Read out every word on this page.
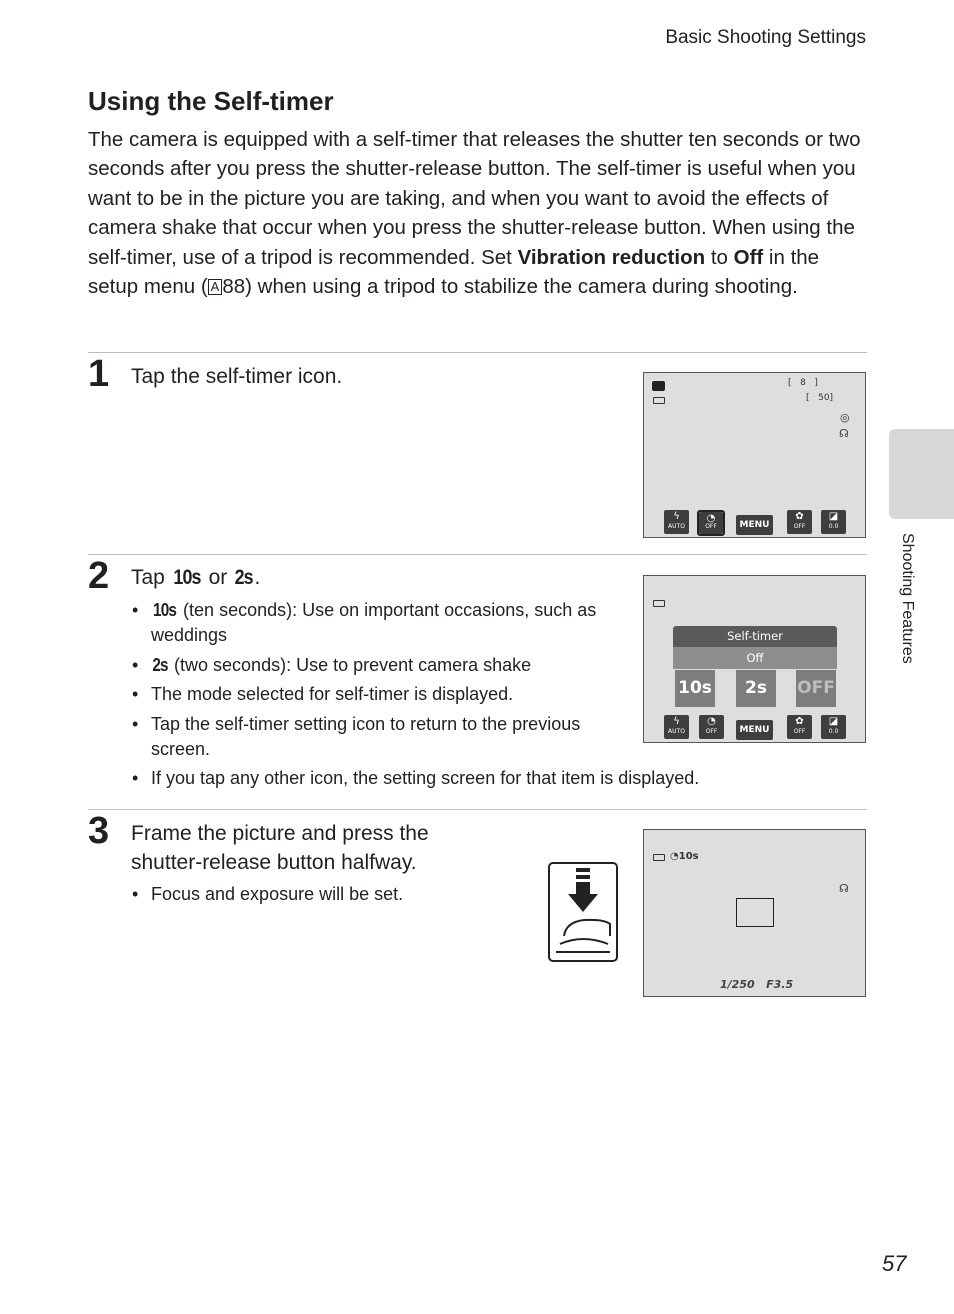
Basic Shooting Settings
Using the Self-timer
The camera is equipped with a self-timer that releases the shutter ten seconds or two seconds after you press the shutter-release button. The self-timer is useful when you want to be in the picture you are taking, and when you want to avoid the effects of camera shake that occur when you press the shutter-release button. When using the self-timer, use of a tripod is recommended. Set Vibration reduction to Off in the setup menu ( A 88) when using a tripod to stabilize the camera during shooting.
1 Tap the self-timer icon.	[   8   ]
[   50]
◎
☊
ϟ
AUTO
◔
OFF	MENU
✿
OFF
◪
0.0
2 Tap 10s or 2s.
• 10s (ten seconds): Use on important occasions, such as weddings
• 2s (two seconds): Use to prevent camera shake
• The mode selected for self-timer is displayed.
• Tap the self-timer setting icon to return to the previous screen.
• If you tap any other icon, the setting screen for that item is displayed.
Self-timer
Off
10s	2s	OFF
ϟ
AUTO
◔
OFF	MENU
✿
OFF
◪
0.0
3 Frame the picture and press the shutter-release button halfway.
• Focus and exposure will be set.
◔10s
☊
1/250 F3.5
Shooting Features
57
